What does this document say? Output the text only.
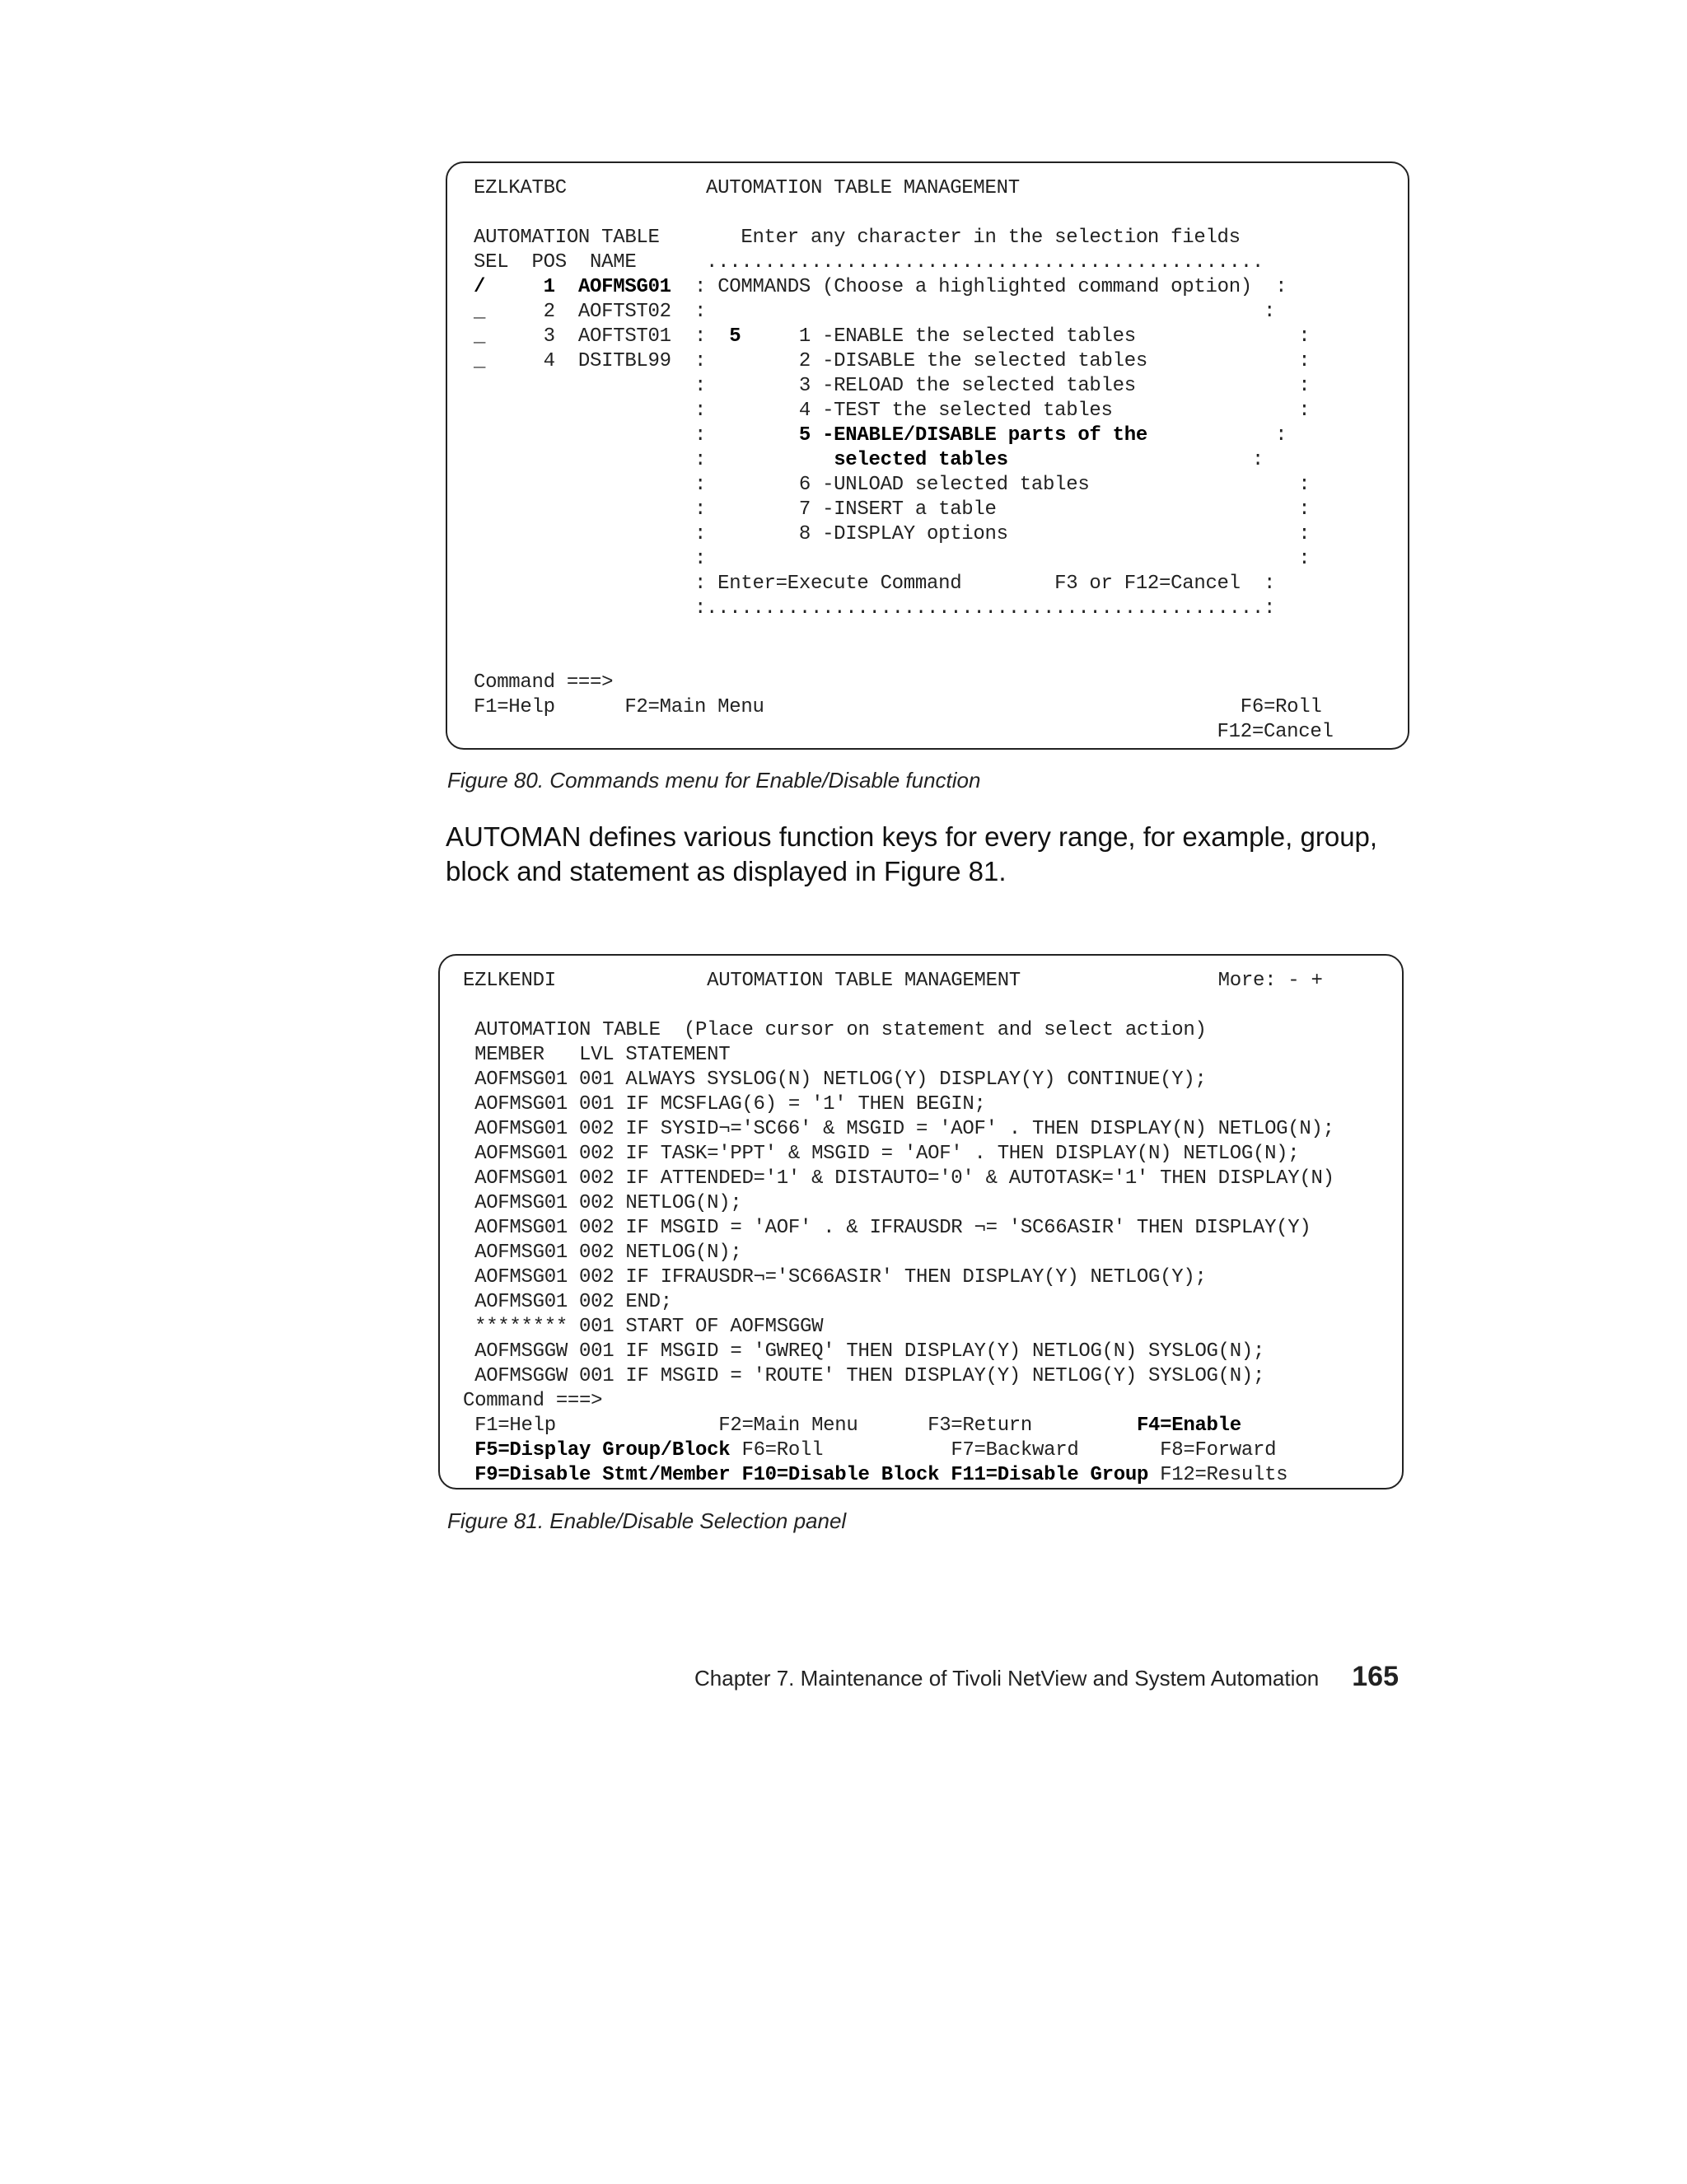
EZLKATBC            AUTOMATION TABLE MANAGEMENT
AUTOMATION TABLE       Enter any character in the selection fields
SEL  POS  NAME      ................................................
/	1 AOFMSG01  : COMMANDS (Choose a highlighted command option)  :
_     2  AOFTST02  :                                                :
_     3  AOFTST01  :  5     1 -ENABLE the selected tables              :
_     4  DSITBL99  :        2 -DISABLE the selected tables             :
:        3 -RELOAD the selected tables              :
:        4 -TEST the selected tables                :
:        5 -ENABLE/DISABLE parts of the           :
:           selected tables                     :
:        6 -UNLOAD selected tables                  :
:        7 -INSERT a table                          :
:        8 -DISPLAY options                         :
:                                                   :
: Enter=Execute Command        F3 or F12=Cancel  :
:................................................:
Command ===>
F1=Help      F2=Main Menu                                         F6=Roll
F12=Cancel
Figure 80. Commands menu for Enable/Disable function
AUTOMAN defines various function keys for every range, for example, group, block and statement as displayed in Figure 81.
EZLKENDI             AUTOMATION TABLE MANAGEMENT                 More: - +
AUTOMATION TABLE  (Place cursor on statement and select action)
MEMBER   LVL STATEMENT
AOFMSG01 001 ALWAYS SYSLOG(N) NETLOG(Y) DISPLAY(Y) CONTINUE(Y);
AOFMSG01 001 IF MCSFLAG(6) = '1' THEN BEGIN;
AOFMSG01 002 IF SYSID¬='SC66' & MSGID = 'AOF' . THEN DISPLAY(N) NETLOG(N);
AOFMSG01 002 IF TASK='PPT' & MSGID = 'AOF' . THEN DISPLAY(N) NETLOG(N);
AOFMSG01 002 IF ATTENDED='1' & DISTAUTO='0' & AUTOTASK='1' THEN DISPLAY(N)
AOFMSG01 002 NETLOG(N);
AOFMSG01 002 IF MSGID = 'AOF' . & IFRAUSDR ¬= 'SC66ASIR' THEN DISPLAY(Y)
AOFMSG01 002 NETLOG(N);
AOFMSG01 002 IF IFRAUSDR¬='SC66ASIR' THEN DISPLAY(Y) NETLOG(Y);
AOFMSG01 002 END;
******** 001 START OF AOFMSGGW
AOFMSGGW 001 IF MSGID = 'GWREQ' THEN DISPLAY(Y) NETLOG(N) SYSLOG(N);
AOFMSGGW 001 IF MSGID = 'ROUTE' THEN DISPLAY(Y) NETLOG(Y) SYSLOG(N);
Command ===>
F1=Help              F2=Main Menu      F3=Return         F4=Enable
F5=Display Group/Block F6=Roll           F7=Backward       F8=Forward
F9=Disable Stmt/Member F10=Disable Block F11=Disable Group F12=Results
Figure 81. Enable/Disable Selection panel
Chapter 7. Maintenance of Tivoli NetView and System Automation 165
